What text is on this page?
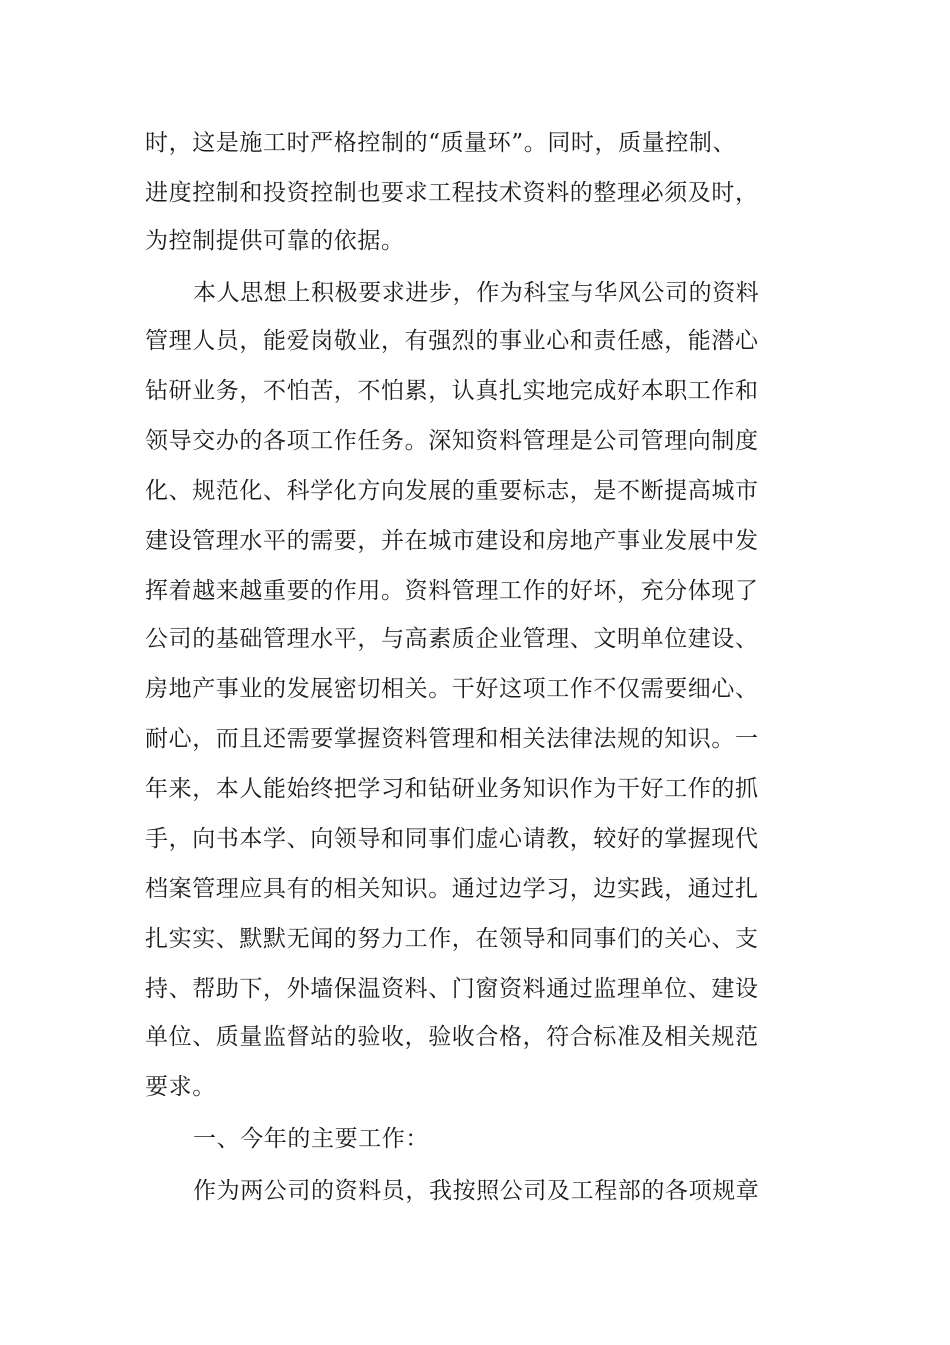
时，这是施工时严格控制的“质量环”。同时，质量控制、
进度控制和投资控制也要求工程技术资料的整理必须及时，
为控制提供可靠的依据。
本人思想上积极要求进步，作为科宝与华风公司的资料
管理人员，能爱岗敬业，有强烈的事业心和责任感，能潜心
钻研业务，不怕苦，不怕累，认真扎实地完成好本职工作和
领导交办的各项工作任务。深知资料管理是公司管理向制度
化、规范化、科学化方向发展的重要标志，是不断提高城市
建设管理水平的需要，并在城市建设和房地产事业发展中发
挥着越来越重要的作用。资料管理工作的好坏，充分体现了
公司的基础管理水平，与高素质企业管理、文明单位建设、
房地产事业的发展密切相关。干好这项工作不仅需要细心、
耐心，而且还需要掌握资料管理和相关法律法规的知识。一
年来，本人能始终把学习和钻研业务知识作为干好工作的抓
手，向书本学、向领导和同事们虚心请教，较好的掌握现代
档案管理应具有的相关知识。通过边学习，边实践，通过扎
扎实实、默默无闻的努力工作，在领导和同事们的关心、支
持、帮助下，外墙保温资料、门窗资料通过监理单位、建设
单位、质量监督站的验收，验收合格，符合标准及相关规范
要求。
一、今年的主要工作：
作为两公司的资料员，我按照公司及工程部的各项规章
